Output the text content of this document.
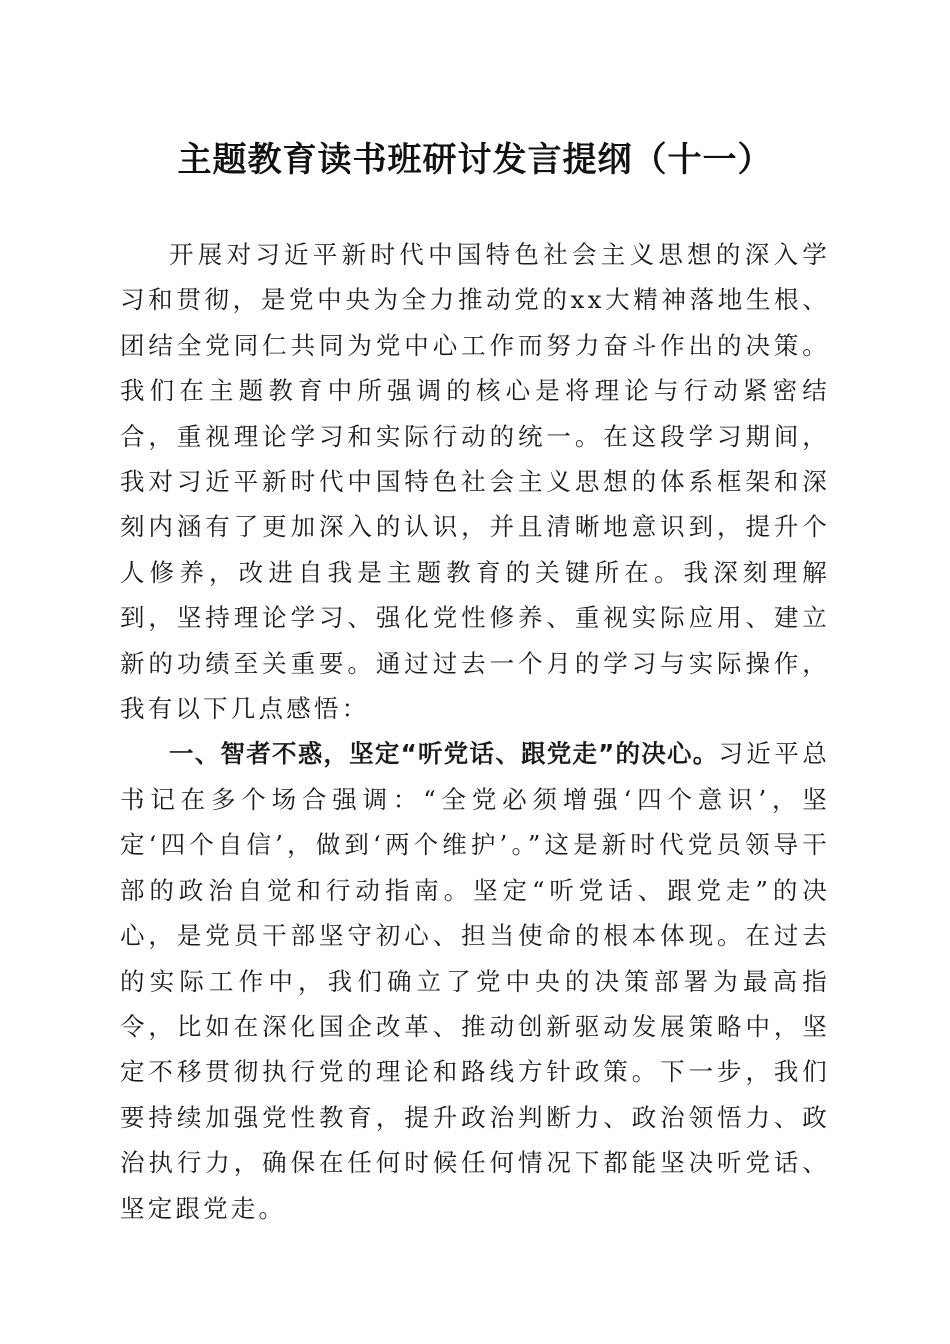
主题教育读书班研讨发言提纲（十一）

开展对习近平新时代中国特色社会主义思想的深入学习和贯彻，是党中央为全力推动党的xx大精神落地生根、团结全党同仁共同为党中心工作而努力奋斗作出的决策。我们在主题教育中所强调的核心是将理论与行动紧密结合，重视理论学习和实际行动的统一。在这段学习期间，我对习近平新时代中国特色社会主义思想的体系框架和深刻内涵有了更加深入的认识，并且清晰地意识到，提升个人修养，改进自我是主题教育的关键所在。我深刻理解到，坚持理论学习、强化党性修养、重视实际应用、建立新的功绩至关重要。通过过去一个月的学习与实际操作，我有以下几点感悟：

一、智者不惑，坚定“听党话、跟党走”的决心。习近平总书记在多个场合强调：“全党必须增强‘四个意识’，坚定‘四个自信’，做到‘两个维护’。”这是新时代党员领导干部的政治自觉和行动指南。坚定“听党话、跟党走”的决心，是党员干部坚守初心、担当使命的根本体现。在过去的实际工作中，我们确立了党中央的决策部署为最高指令，比如在深化国企改革、推动创新驱动发展策略中，坚定不移贯彻执行党的理论和路线方针政策。下一步，我们要持续加强党性教育，提升政治判断力、政治领悟力、政治执行力，确保在任何时候任何情况下都能坚决听党话、坚定跟党走。
